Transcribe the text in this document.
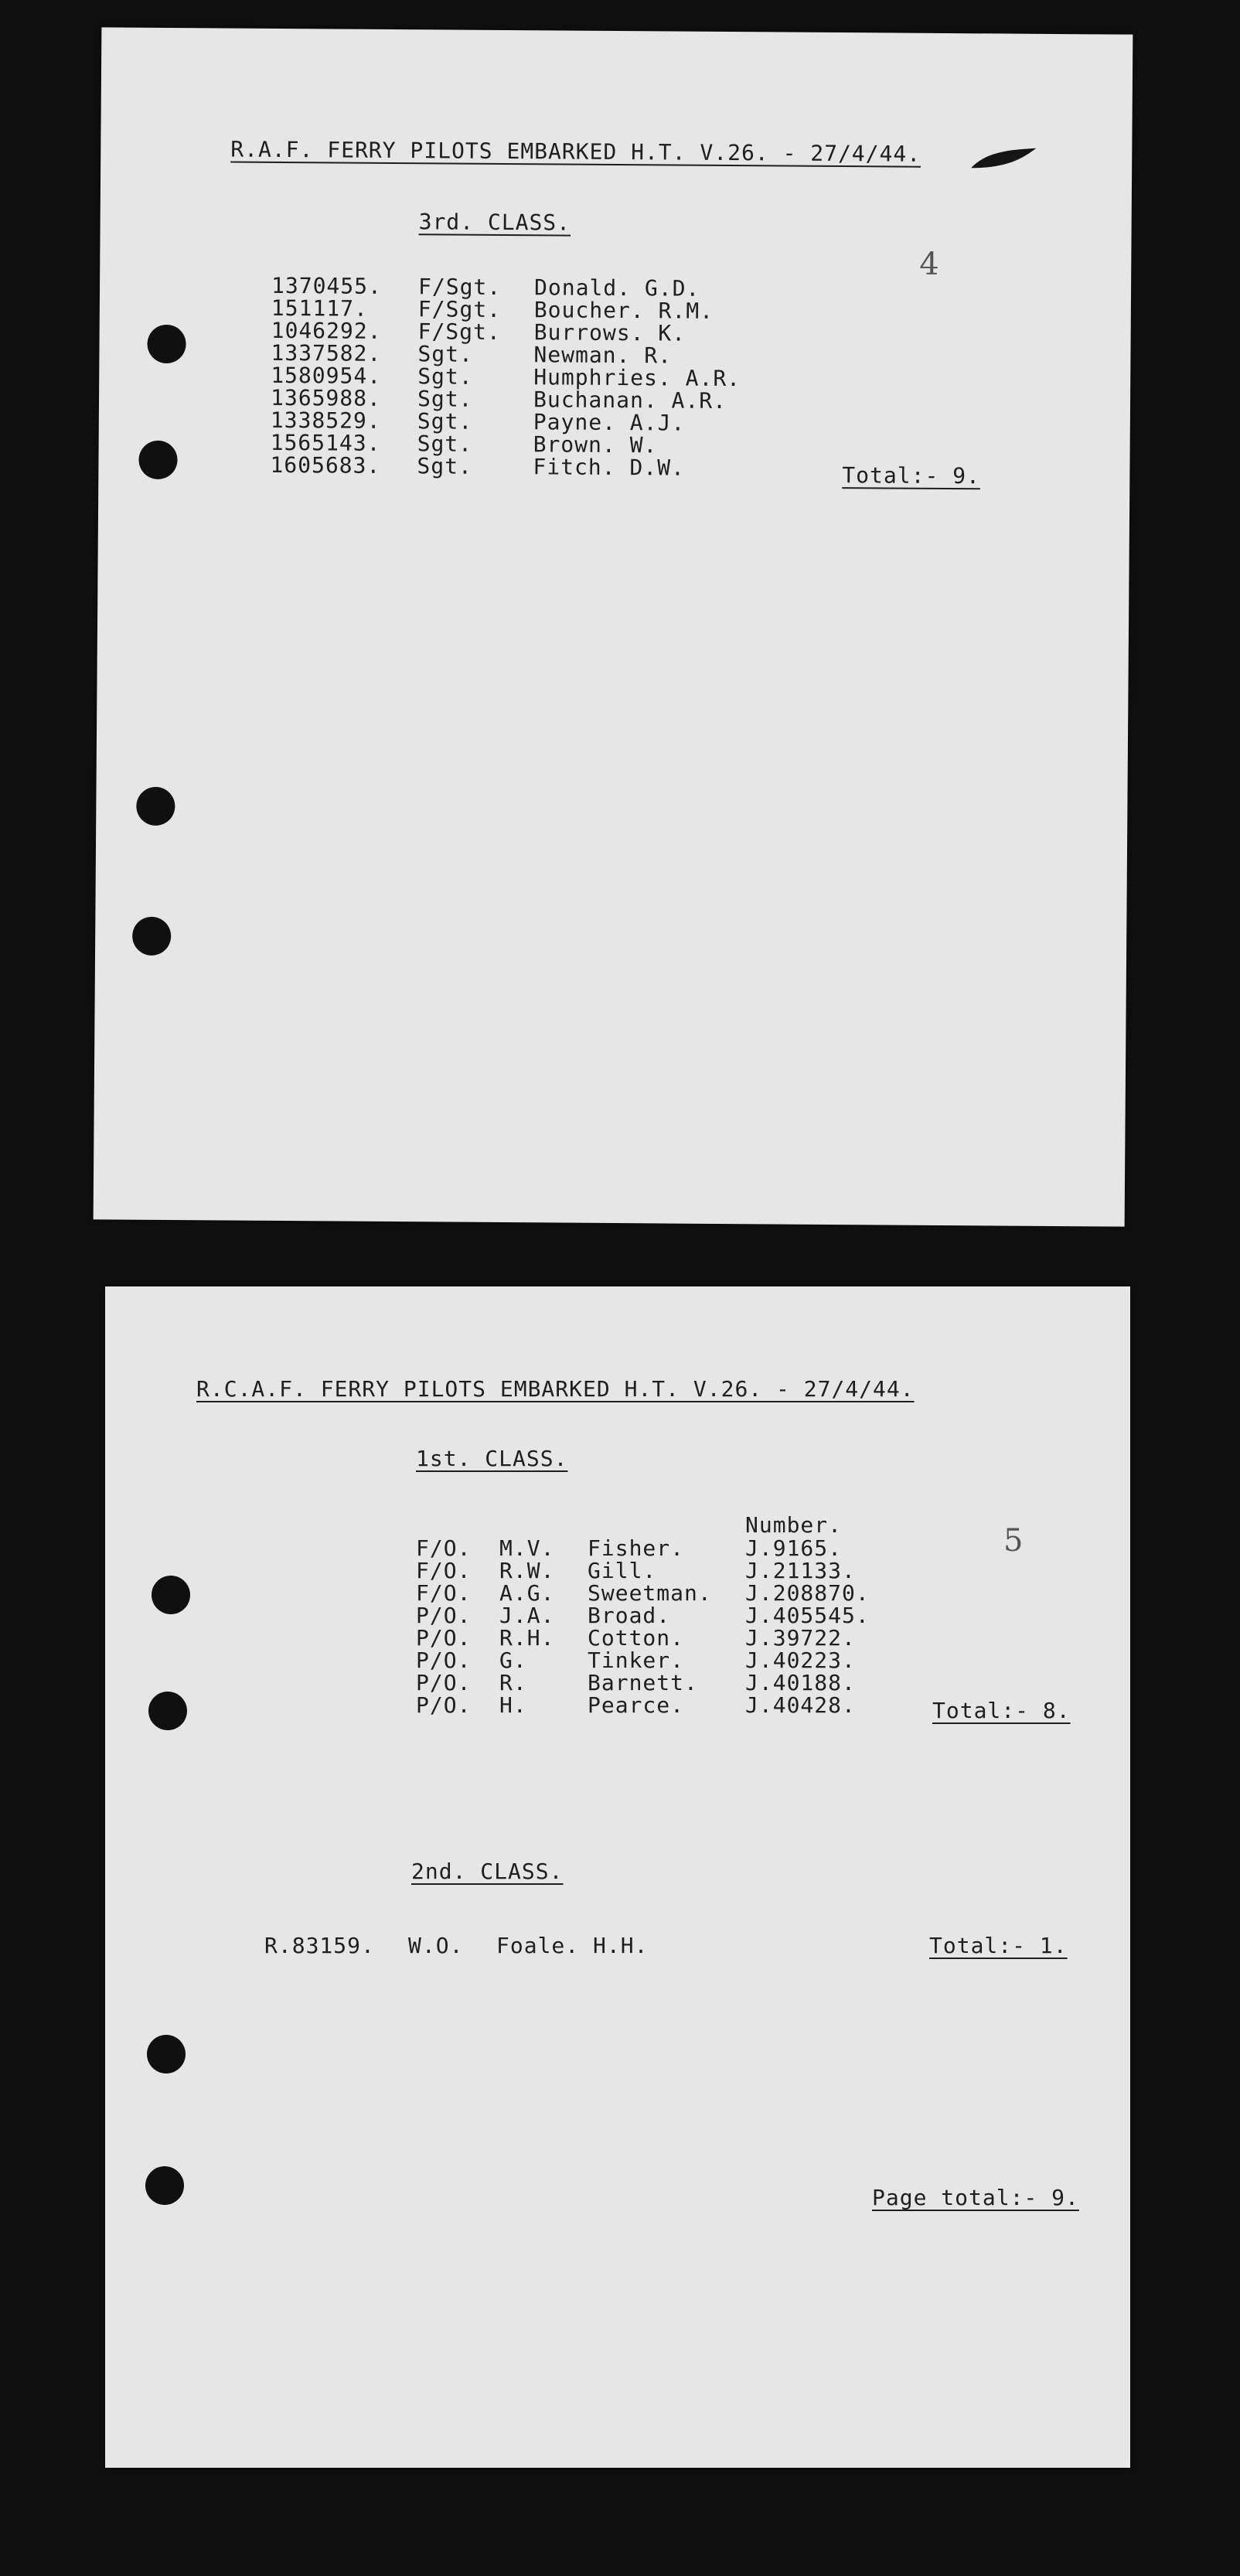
R.A.F. FERRY PILOTS EMBARKED H.T. V.26. - 27/4/44.
3rd. CLASS.
4
1370455. F/Sgt. Donald. G.D.
151117. F/Sgt. Boucher. R.M.
1046292. F/Sgt. Burrows. K.
1337582. Sgt.	Newman. R.
1580954. Sgt.	Humphries. A.R.
1365988. Sgt.	Buchanan. A.R.
1338529. Sgt.	Payne. A.J.
1565143. Sgt.	Brown. W.
1605683. Sgt.	Fitch. D.W.	Total:- 9.
R.C.A.F. FERRY PILOTS EMBARKED H.T. V.26. - 27/4/44.
1st. CLASS.
Number.	5
F/O. M.V. Fisher.	J.9165.
F/O. R.W. Gill.	J.21133.
F/O. A.G. Sweetman. J.208870.
P/O. J.A. Broad.	J.405545.
P/O. R.H. Cotton.	J.39722.
P/O. G.	Tinker.	J.40223.
P/O. R.	Barnett. J.40188.
P/O. H.	Pearce.	J.40428.	Total:- 8.
2nd. CLASS.
R.83159. W.O. Foale. H.H.	Total:- 1.
Page total:- 9.
